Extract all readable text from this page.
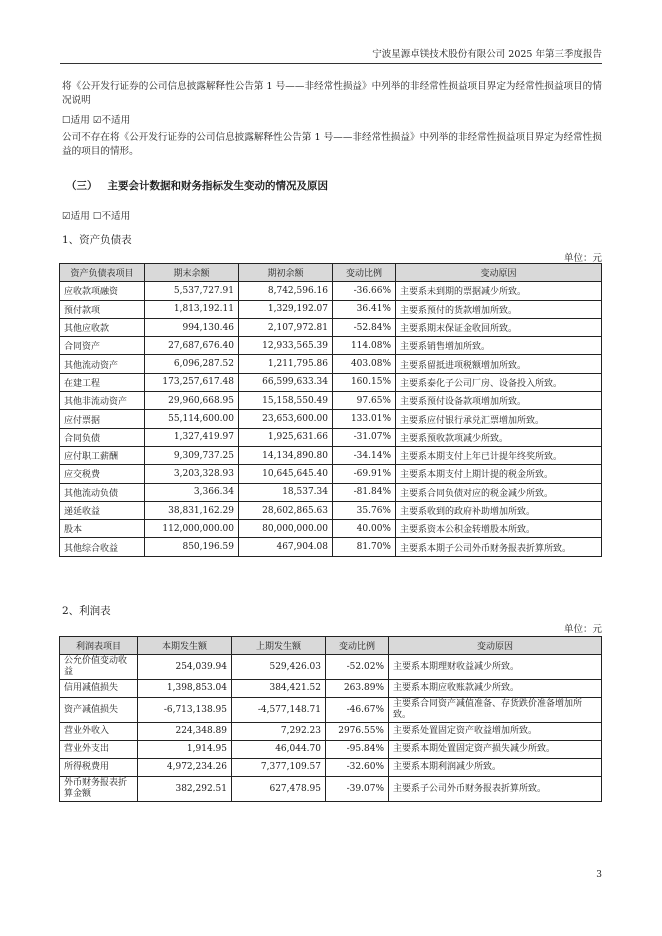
宁波星源卓镁技术股份有限公司 2025 年第三季度报告
将《公开发行证券的公司信息披露解释性公告第 1 号——非经常性损益》中列举的非经常性损益项目界定为经常性损益项目的情况说明
☐适用 ☑不适用
公司不存在将《公开发行证券的公司信息披露解释性公告第 1 号——非经常性损益》中列举的非经常性损益项目界定为经常性损益的项目的情形。
（三） 主要会计数据和财务指标发生变动的情况及原因
☑适用 ☐不适用
1、资产负债表
单位：元
资产负债表项目	期末余额	期初余额	变动比例	变动原因
应收款项融资	5,537,727.91	8,742,596.16	-36.66%	主要系未到期的票据减少所致。
预付款项	1,813,192.11	1,329,192.07	36.41%	主要系预付的货款增加所致。
其他应收款	994,130.46	2,107,972.81	-52.84%	主要系期末保证金收回所致。
合同资产	27,687,676.40	12,933,565.39	114.08%	主要系销售增加所致。
其他流动资产	6,096,287.52	1,211,795.86	403.08%	主要系留抵进项税额增加所致。
在建工程	173,257,617.48	66,599,633.34	160.15%	主要系泰化子公司厂房、设备投入所致。
其他非流动资产	29,960,668.95	15,158,550.49	97.65%	主要系预付设备款项增加所致。
应付票据	55,114,600.00	23,653,600.00	133.01%	主要系应付银行承兑汇票增加所致。
合同负债	1,327,419.97	1,925,631.66	-31.07%	主要系预收款项减少所致。
应付职工薪酬	9,309,737.25	14,134,890.80	-34.14%	主要系本期支付上年已计提年终奖所致。
应交税费	3,203,328.93	10,645,645.40	-69.91%	主要系本期支付上期计提的税金所致。
其他流动负债	3,366.34	18,537.34	-81.84%	主要系合同负债对应的税金减少所致。
递延收益	38,831,162.29	28,602,865.63	35.76%	主要系收到的政府补助增加所致。
股本	112,000,000.00	80,000,000.00	40.00%	主要系资本公积金转增股本所致。
其他综合收益	850,196.59	467,904.08	81.70%	主要系本期子公司外币财务报表折算所致。
2、利润表
单位：元
利润表项目	本期发生额	上期发生额	变动比例	变动原因
公允价值变动收益	254,039.94	529,426.03	-52.02%	主要系本期理财收益减少所致。
信用减值损失	1,398,853.04	384,421.52	263.89%	主要系本期应收账款减少所致。
资产减值损失	-6,713,138.95	-4,577,148.71	-46.67%	主要系合同资产减值准备、存货跌价准备增加所致。
营业外收入	224,348.89	7,292.23	2976.55%	主要系处置固定资产收益增加所致。
营业外支出	1,914.95	46,044.70	-95.84%	主要系本期处置固定资产损失减少所致。
所得税费用	4,972,234.26	7,377,109.57	-32.60%	主要系本期利润减少所致。
外币财务报表折算金额	382,292.51	627,478.95	-39.07%	主要系子公司外币财务报表折算所致。
3
